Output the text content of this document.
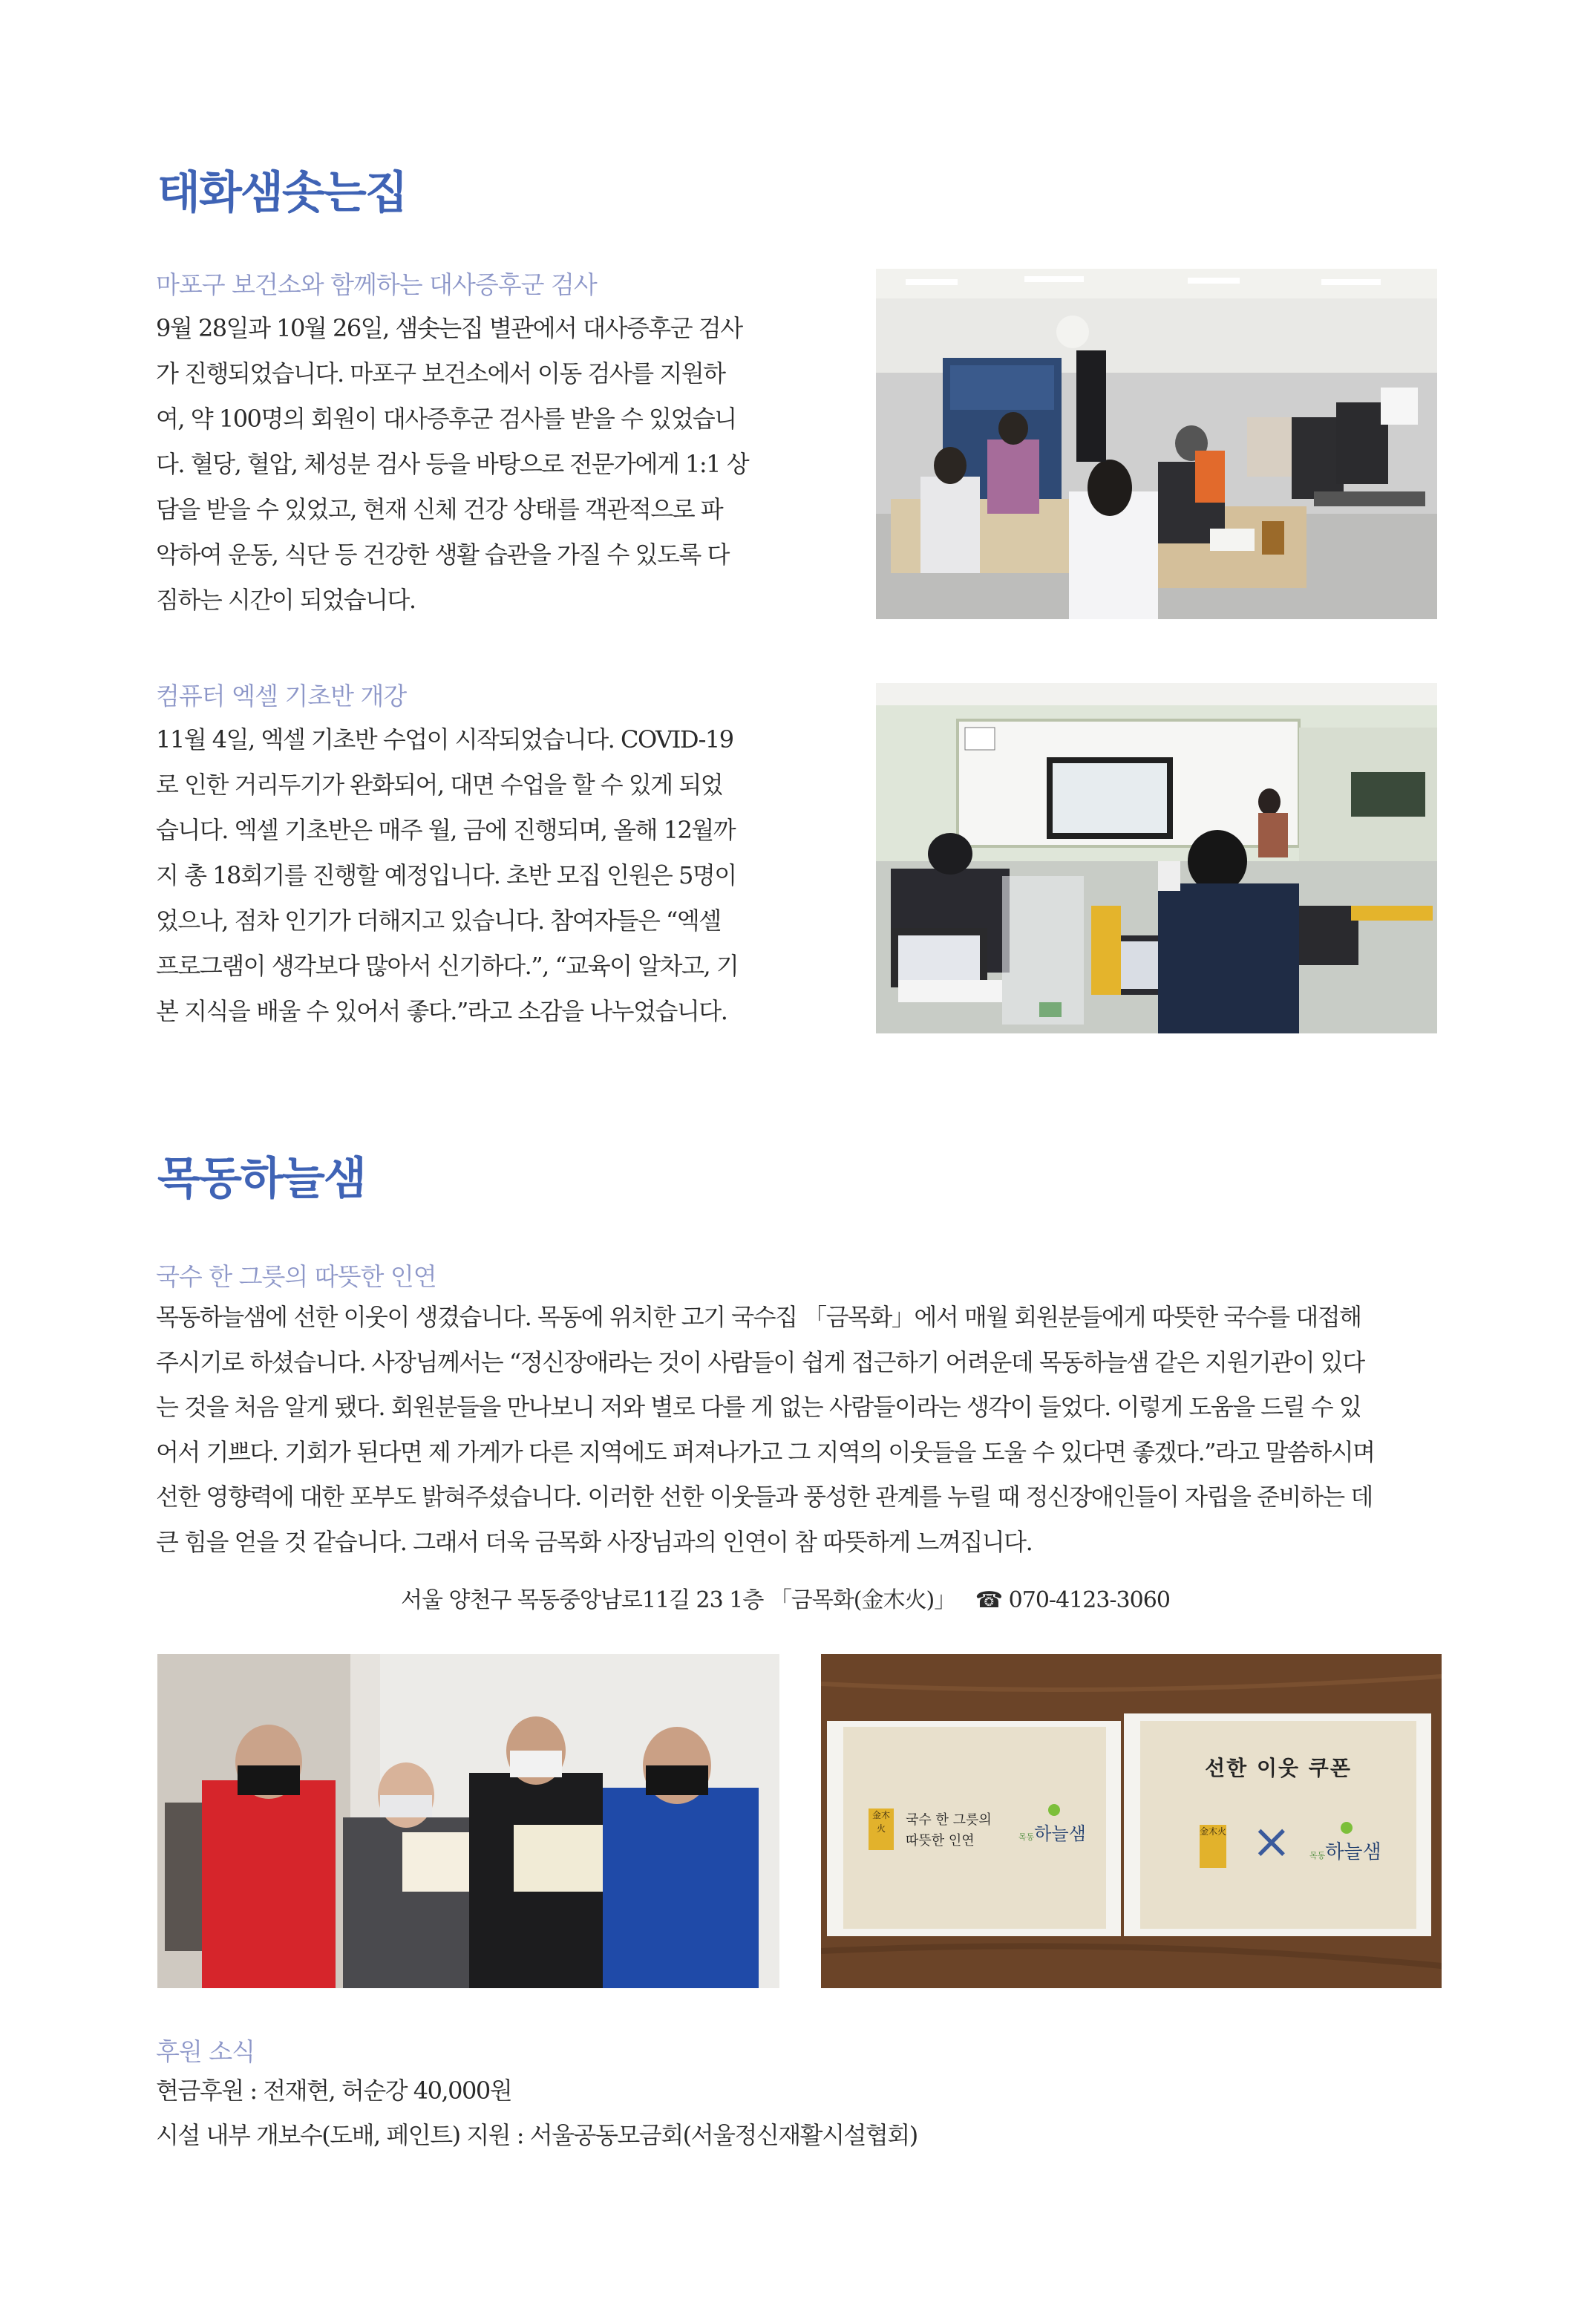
태화샘솟는집
마포구 보건소와 함께하는 대사증후군 검사
9월 28일과 10월 26일, 샘솟는집 별관에서 대사증후군 검사
가 진행되었습니다. 마포구 보건소에서 이동 검사를 지원하
여, 약 100명의 회원이 대사증후군 검사를 받을 수 있었습니
다. 혈당, 혈압, 체성분 검사 등을 바탕으로 전문가에게 1:1 상
담을 받을 수 있었고, 현재 신체 건강 상태를 객관적으로 파
악하여 운동, 식단 등 건강한 생활 습관을 가질 수 있도록 다
짐하는 시간이 되었습니다.
컴퓨터 엑셀 기초반 개강
11월 4일, 엑셀 기초반 수업이 시작되었습니다. COVID-19
로 인한 거리두기가 완화되어, 대면 수업을 할 수 있게 되었
습니다. 엑셀 기초반은 매주 월, 금에 진행되며, 올해 12월까
지 총 18회기를 진행할 예정입니다. 초반 모집 인원은 5명이
었으나, 점차 인기가 더해지고 있습니다. 참여자들은 “엑셀
프로그램이 생각보다 많아서 신기하다.”, “교육이 알차고, 기
본 지식을 배울 수 있어서 좋다.”라고 소감을 나누었습니다.
목동하늘샘
국수 한 그릇의 따뜻한 인연
목동하늘샘에 선한 이웃이 생겼습니다. 목동에 위치한 고기 국수집 「금목화」에서 매월 회원분들에게 따뜻한 국수를 대접해
주시기로 하셨습니다. 사장님께서는 “정신장애라는 것이 사람들이 쉽게 접근하기 어려운데 목동하늘샘 같은 지원기관이 있다
는 것을 처음 알게 됐다. 회원분들을 만나보니 저와 별로 다를 게 없는 사람들이라는 생각이 들었다. 이렇게 도움을 드릴 수 있
어서 기쁘다. 기회가 된다면 제 가게가 다른 지역에도 퍼져나가고 그 지역의 이웃들을 도울 수 있다면 좋겠다.”라고 말씀하시며
선한 영향력에 대한 포부도 밝혀주셨습니다. 이러한 선한 이웃들과 풍성한 관계를 누릴 때 정신장애인들이 자립을 준비하는 데
큰 힘을 얻을 것 같습니다. 그래서 더욱 금목화 사장님과의 인연이 참 따뜻하게 느껴집니다.
서울 양천구 목동중앙남로11길 23 1층 「금목화(金木火)」 ☎ 070-4123-3060
金木火
국수 한 그릇의
따뜻한 인연	목동하늘샘
선한 이웃 쿠폰
金木火 × 목동하늘샘
후원 소식
현금후원 : 전재현, 허순강 40,000원
시설 내부 개보수(도배, 페인트) 지원 : 서울공동모금회(서울정신재활시설협회)
